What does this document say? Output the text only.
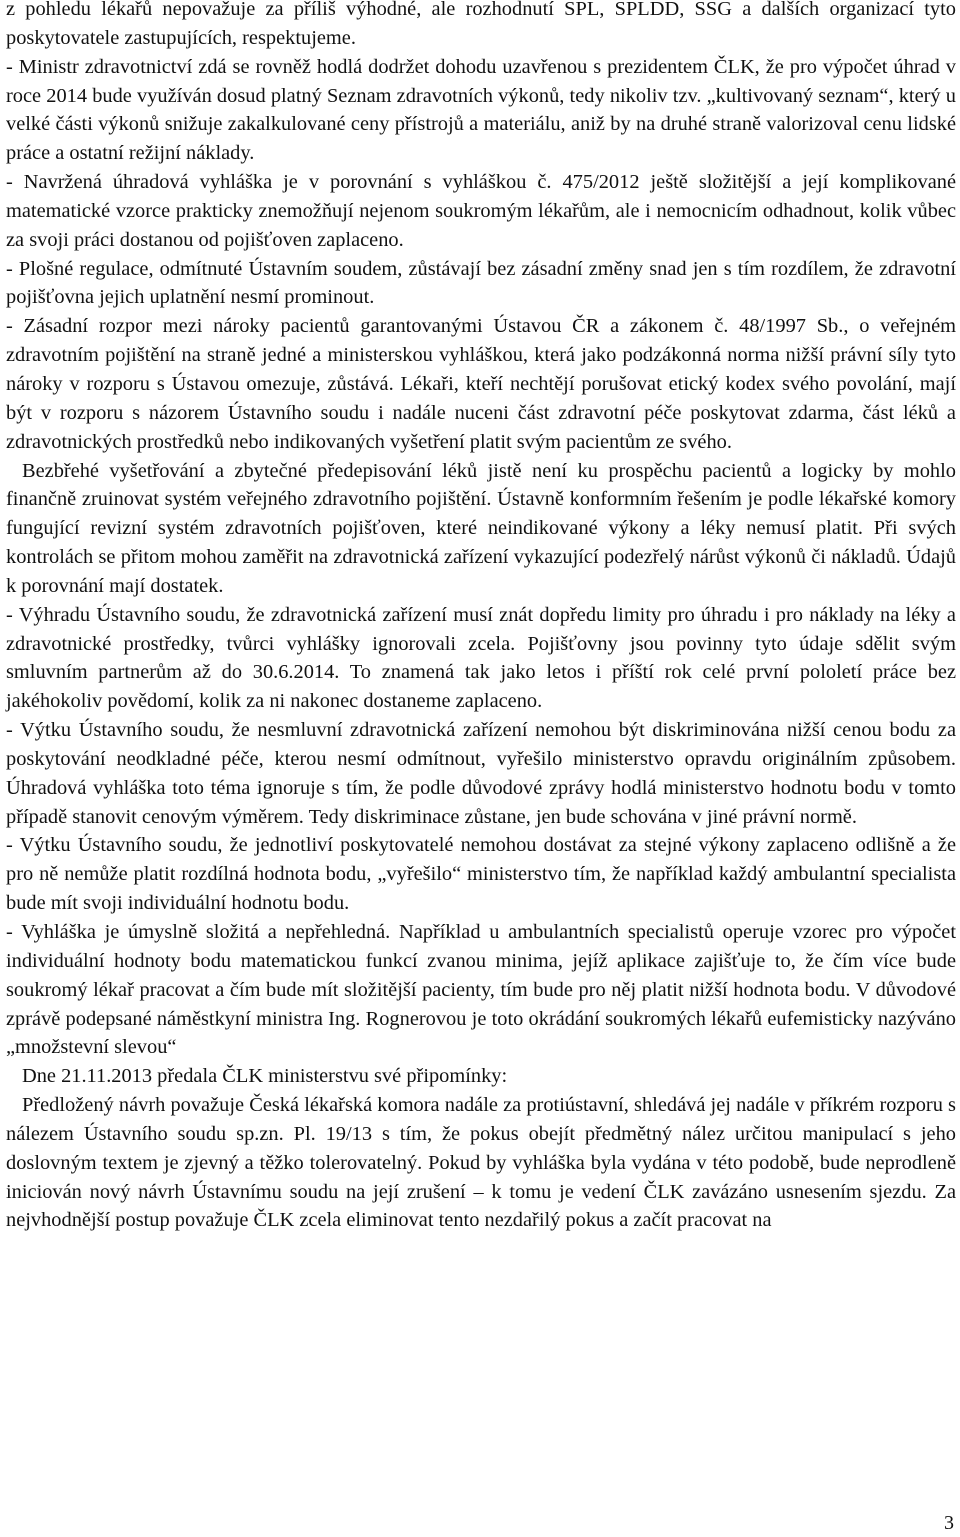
z pohledu lékařů nepovažuje za příliš výhodné, ale rozhodnutí SPL, SPLDD, SSG a dalších organizací tyto poskytovatele zastupujících, respektujeme.

- Ministr zdravotnictví zdá se rovněž hodlá dodržet dohodu uzavřenou s prezidentem ČLK, že pro výpočet úhrad v roce 2014 bude využíván dosud platný Seznam zdravotních výkonů, tedy nikoliv tzv. „kultivovaný seznam“, který u velké části výkonů snižuje zakalkulované ceny přístrojů a materiálu, aniž by na druhé straně valorizoval cenu lidské práce a ostatní režijní náklady.

- Navržená úhradová vyhláška je v porovnání s vyhláškou č. 475/2012 ještě složitější a její komplikované matematické vzorce prakticky znemožňují nejenom soukromým lékařům, ale i nemocnicím odhadnout, kolik vůbec za svoji práci dostanou od pojišťoven zaplaceno.

- Plošné regulace, odmítnuté Ústavním soudem, zůstávají bez zásadní změny snad jen s tím rozdílem, že zdravotní pojišťovna jejich uplatnění nesmí prominout.

- Zásadní rozpor mezi nároky pacientů garantovanými Ústavou ČR a zákonem č. 48/1997 Sb., o veřejném zdravotním pojištění na straně jedné a ministerskou vyhláškou, která jako podzákonná norma nižší právní síly tyto nároky v rozporu s Ústavou omezuje, zůstává. Lékaři, kteří nechtějí porušovat etický kodex svého povolání, mají být v rozporu s názorem Ústavního soudu i nadále nuceni část zdravotní péče poskytovat zdarma, část léků a zdravotnických prostředků nebo indikovaných vyšetření platit svým pacientům ze svého.

Bezbřehé vyšetřování a zbytečné předepisování léků jistě není ku prospěchu pacientů a logicky by mohlo finančně zruinovat systém veřejného zdravotního pojištění. Ústavně konformním řešením je podle lékařské komory fungující revizní systém zdravotních pojišťoven, které neindikované výkony a léky nemusí platit. Při svých kontrolách se přitom mohou zaměřit na zdravotnická zařízení vykazující podezřelý nárůst výkonů či nákladů. Údajů k porovnání mají dostatek.

- Výhradu Ústavního soudu, že zdravotnická zařízení musí znát dopředu limity pro úhradu i pro náklady na léky a zdravotnické prostředky, tvůrci vyhlášky ignorovali zcela. Pojišťovny jsou povinny tyto údaje sdělit svým smluvním partnerům až do 30.6.2014. To znamená tak jako letos i příští rok celé první pololetí práce bez jakéhokoliv povědomí, kolik za ni nakonec dostaneme zaplaceno.

- Výtku Ústavního soudu, že nesmluvní zdravotnická zařízení nemohou být diskriminována nižší cenou bodu za poskytování neodkladné péče, kterou nesmí odmítnout, vyřešilo ministerstvo opravdu originálním způsobem. Úhradová vyhláška toto téma ignoruje s tím, že podle důvodové zprávy hodlá ministerstvo hodnotu bodu v tomto případě stanovit cenovým výměrem. Tedy diskriminace zůstane, jen bude schována v jiné právní normě.

- Výtku Ústavního soudu, že jednotliví poskytovatelé nemohou dostávat za stejné výkony zaplaceno odlišně a že pro ně nemůže platit rozdílná hodnota bodu, „vyřešilo“ ministerstvo tím, že například každý ambulantní specialista bude mít svoji individuální hodnotu bodu.

- Vyhláška je úmyslně složitá a nepřehledná. Například u ambulantních specialistů operuje vzorec pro výpočet individuální hodnoty bodu matematickou funkcí zvanou minima, jejíž aplikace zajišťuje to, že čím více bude soukromý lékař pracovat a čím bude mít složitější pacienty, tím bude pro něj platit nižší hodnota bodu. V důvodové zprávě podepsané náměstkyní ministra Ing. Rognerovou je toto okrádání soukromých lékařů eufemisticky nazýváno „množstevní slevou“

Dne 21.11.2013 předala ČLK ministerstvu své připomínky:

Předložený návrh považuje Česká lékařská komora nadále za protiústavní, shledává jej nadále v příkrém rozporu s nálezem Ústavního soudu sp.zn. Pl. 19/13 s tím, že pokus obejít předmětný nález určitou manipulací s jeho doslovným textem je zjevný a těžko tolerovatelný. Pokud by vyhláška byla vydána v této podobě, bude neprodleně iniciován nový návrh Ústavnímu soudu na její zrušení – k tomu je vedení ČLK zavázáno usnesením sjezdu. Za nejvhodnější postup považuje ČLK zcela eliminovat tento nezdařilý pokus a začít pracovat na

3
